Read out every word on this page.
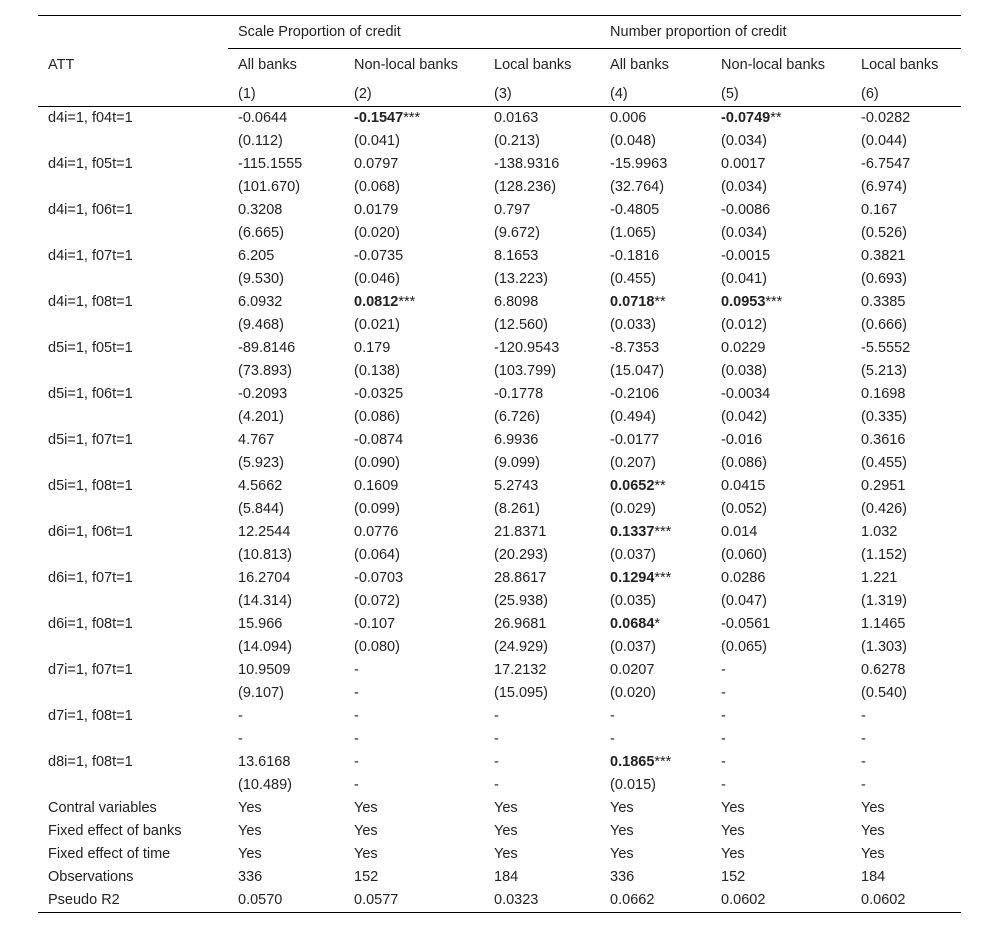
	Scale Proportion of credit			Number proportion of credit		
ATT	All banks	Non-local banks	Local banks	All banks	Non-local banks	Local banks
	(1)	(2)	(3)	(4)	(5)	(6)
d4i=1, f04t=1	-0.0644	-0.1547***	0.0163	0.006	-0.0749**	-0.0282
	(0.112)	(0.041)	(0.213)	(0.048)	(0.034)	(0.044)
d4i=1, f05t=1	-115.1555	0.0797	-138.9316	-15.9963	0.0017	-6.7547
	(101.670)	(0.068)	(128.236)	(32.764)	(0.034)	(6.974)
d4i=1, f06t=1	0.3208	0.0179	0.797	-0.4805	-0.0086	0.167
	(6.665)	(0.020)	(9.672)	(1.065)	(0.034)	(0.526)
d4i=1, f07t=1	6.205	-0.0735	8.1653	-0.1816	-0.0015	0.3821
	(9.530)	(0.046)	(13.223)	(0.455)	(0.041)	(0.693)
d4i=1, f08t=1	6.0932	0.0812***	6.8098	0.0718**	0.0953***	0.3385
	(9.468)	(0.021)	(12.560)	(0.033)	(0.012)	(0.666)
d5i=1, f05t=1	-89.8146	0.179	-120.9543	-8.7353	0.0229	-5.5552
	(73.893)	(0.138)	(103.799)	(15.047)	(0.038)	(5.213)
d5i=1, f06t=1	-0.2093	-0.0325	-0.1778	-0.2106	-0.0034	0.1698
	(4.201)	(0.086)	(6.726)	(0.494)	(0.042)	(0.335)
d5i=1, f07t=1	4.767	-0.0874	6.9936	-0.0177	-0.016	0.3616
	(5.923)	(0.090)	(9.099)	(0.207)	(0.086)	(0.455)
d5i=1, f08t=1	4.5662	0.1609	5.2743	0.0652**	0.0415	0.2951
	(5.844)	(0.099)	(8.261)	(0.029)	(0.052)	(0.426)
d6i=1, f06t=1	12.2544	0.0776	21.8371	0.1337***	0.014	1.032
	(10.813)	(0.064)	(20.293)	(0.037)	(0.060)	(1.152)
d6i=1, f07t=1	16.2704	-0.0703	28.8617	0.1294***	0.0286	1.221
	(14.314)	(0.072)	(25.938)	(0.035)	(0.047)	(1.319)
d6i=1, f08t=1	15.966	-0.107	26.9681	0.0684*	-0.0561	1.1465
	(14.094)	(0.080)	(24.929)	(0.037)	(0.065)	(1.303)
d7i=1, f07t=1	10.9509	-	17.2132	0.0207	-	0.6278
	(9.107)	-	(15.095)	(0.020)	-	(0.540)
d7i=1, f08t=1	-	-	-	-	-	-
	-	-	-	-	-	-
d8i=1, f08t=1	13.6168	-	-	0.1865***	-	-
	(10.489)	-	-	(0.015)	-	-
Contral variables	Yes	Yes	Yes	Yes	Yes	Yes
Fixed effect of banks	Yes	Yes	Yes	Yes	Yes	Yes
Fixed effect of time	Yes	Yes	Yes	Yes	Yes	Yes
Observations	336	152	184	336	152	184
Pseudo R2	0.0570	0.0577	0.0323	0.0662	0.0602	0.0602
